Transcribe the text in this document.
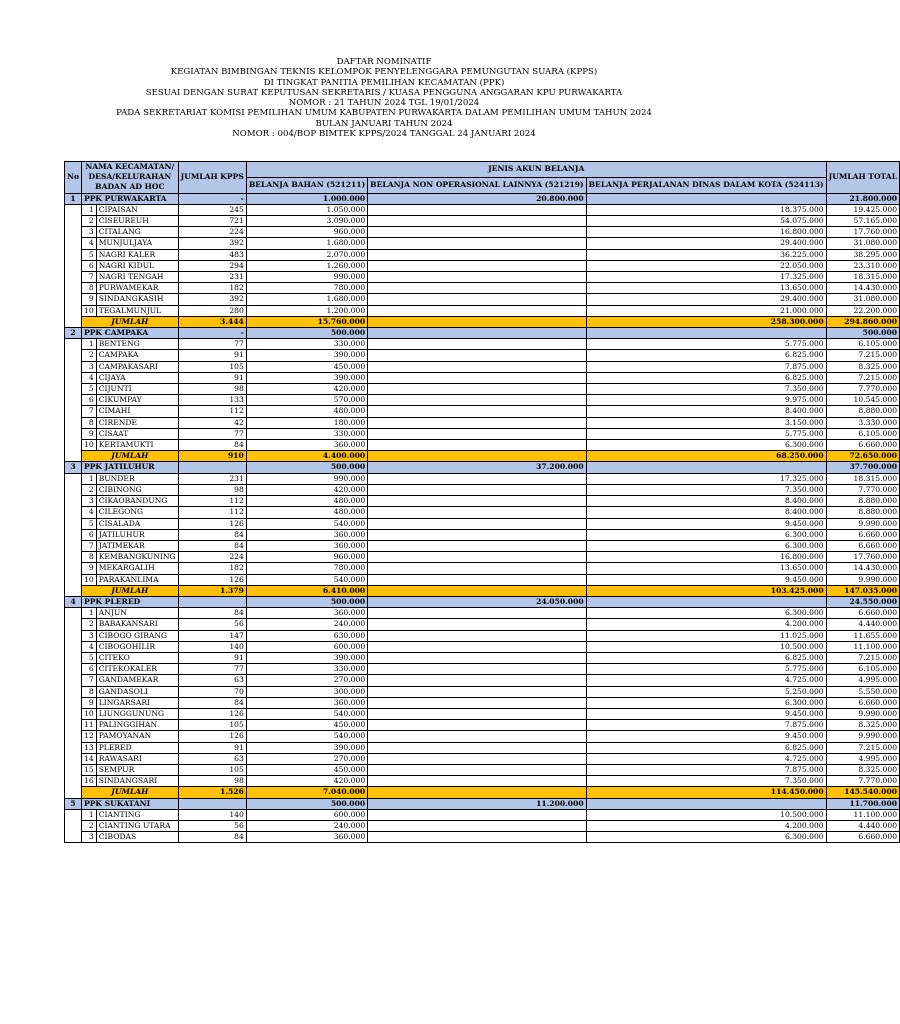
DAFTAR NOMINATIF
KEGIATAN BIMBINGAN TEKNIS KELOMPOK PENYELENGGARA PEMUNGUTAN SUARA (KPPS)
DI TINGKAT PANITIA PEMILIHAN KECAMATAN (PPK)
SESUAI DENGAN SURAT KEPUTUSAN SEKRETARIS / KUASA PENGGUNA ANGGARAN KPU PURWAKARTA
NOMOR : 21 TAHUN 2024 TGL 19/01/2024
PADA SEKRETARIAT KOMISI PEMILIHAN UMUM KABUPATEN PURWAKARTA DALAM PEMILIHAN UMUM TAHUN 2024
BULAN JANUARI TAHUN 2024
NOMOR : 004/BOP BIMTEK KPPS/2024 TANGGAL 24 JANUARI 2024
No	NAMA KECAMATAN/
DESA/KELURAHAN
BADAN AD HOC		JUMLAH KPPS	JENIS AKUN BELANJA			JUMLAH TOTAL
				BELANJA BAHAN (521211)	BELANJA NON OPERASIONAL LAINNYA (521219)	BELANJA PERJALANAN DINAS DALAM KOTA (524113)	
1	PPK PURWAKARTA		-	1.000.000	20.800.000		21.800.000
	1	CIPAISAN	245	1.050.000		18.375.000	19.425.000
	2	CISEUREUH	721	3.090.000		54.075.000	57.165.000
	3	CITALANG	224	960.000		16.800.000	17.760.000
	4	MUNJULJAYA	392	1.680.000		29.400.000	31.080.000
	5	NAGRI KALER	483	2.070.000		36.225.000	38.295.000
	6	NAGRI KIDUL	294	1.260.000		22.050.000	23.310.000
	7	NAGRI TENGAH	231	990.000		17.325.000	18.315.000
	8	PURWAMEKAR	182	780.000		13.650.000	14.430.000
	9	SINDANGKASIH	392	1.680.000		29.400.000	31.080.000
	10	TEGALMUNJUL	280	1.200.000		21.000.000	22.200.000
	JUMLAH		3.444	15.760.000		258.300.000	294.860.000
2	PPK CAMPAKA		-	500.000			500.000
	1	BENTENG	77	330.000		5.775.000	6.105.000
	2	CAMPAKA	91	390.000		6.825.000	7.215.000
	3	CAMPAKASARI	105	450.000		7.875.000	8.325.000
	4	CIJAYA	91	390.000		6.825.000	7.215.000
	5	CIJUNTI	98	420.000		7.350.000	7.770.000
	6	CIKUMPAY	133	570.000		9.975.000	10.545.000
	7	CIMAHI	112	480.000		8.400.000	8.880.000
	8	CIRENDE	42	180.000		3.150.000	3.330.000
	9	CISAAT	77	330.000		5.775.000	6.105.000
	10	KERTAMUKTI	84	360.000		6.300.000	6.660.000
	JUMLAH		910	4.400.000		68.250.000	72.650.000
3	PPK JATILUHUR			500.000	37.200.000		37.700.000
	1	BUNDER	231	990.000		17.325.000	18.315.000
	2	CIBINONG	98	420.000		7.350.000	7.770.000
	3	CIKAOBANDUNG	112	480.000		8.400.000	8.880.000
	4	CILEGONG	112	480.000		8.400.000	8.880.000
	5	CISALADA	126	540.000		9.450.000	9.990.000
	6	JATILUHUR	84	360.000		6.300.000	6.660.000
	7	JATIMEKAR	84	360.000		6.300.000	6.660.000
	8	KEMBANGKUNING	224	960.000		16.800.000	17.760.000
	9	MEKARGALIH	182	780.000		13.650.000	14.430.000
	10	PARAKANLIMA	126	540.000		9.450.000	9.990.000
	JUMLAH		1.379	6.410.000		103.425.000	147.035.000
4	PPK PLERED			500.000	24.050.000		24.550.000
	1	ANJUN	84	360.000		6.300.000	6.660.000
	2	BABAKANSARI	56	240.000		4.200.000	4.440.000
	3	CIBOGO GIRANG	147	630.000		11.025.000	11.655.000
	4	CIBOGOHILIR	140	600.000		10.500.000	11.100.000
	5	CITEKO	91	390.000		6.825.000	7.215.000
	6	CITEKOKALER	77	330.000		5.775.000	6.105.000
	7	GANDAMEKAR	63	270.000		4.725.000	4.995.000
	8	GANDASOLI	70	300.000		5.250.000	5.550.000
	9	LINGARSARI	84	360.000		6.300.000	6.660.000
	10	LIUNGGUNUNG	126	540.000		9.450.000	9.990.000
	11	PALINGGIHAN	105	450.000		7.875.000	8.325.000
	12	PAMOYANAN	126	540.000		9.450.000	9.990.000
	13	PLERED	91	390.000		6.825.000	7.215.000
	14	RAWASARI	63	270.000		4.725.000	4.995.000
	15	SEMPUR	105	450.000		7.875.000	8.325.000
	16	SINDANGSARI	98	420.000		7.350.000	7.770.000
	JUMLAH		1.526	7.040.000		114.450.000	145.540.000
5	PPK SUKATANI			500.000	11.200.000		11.700.000
	1	CIANTING	140	600.000		10.500.000	11.100.000
	2	CIANTING UTARA	56	240.000		4.200.000	4.440.000
	3	CIBODAS	84	360.000		6.300.000	6.660.000
